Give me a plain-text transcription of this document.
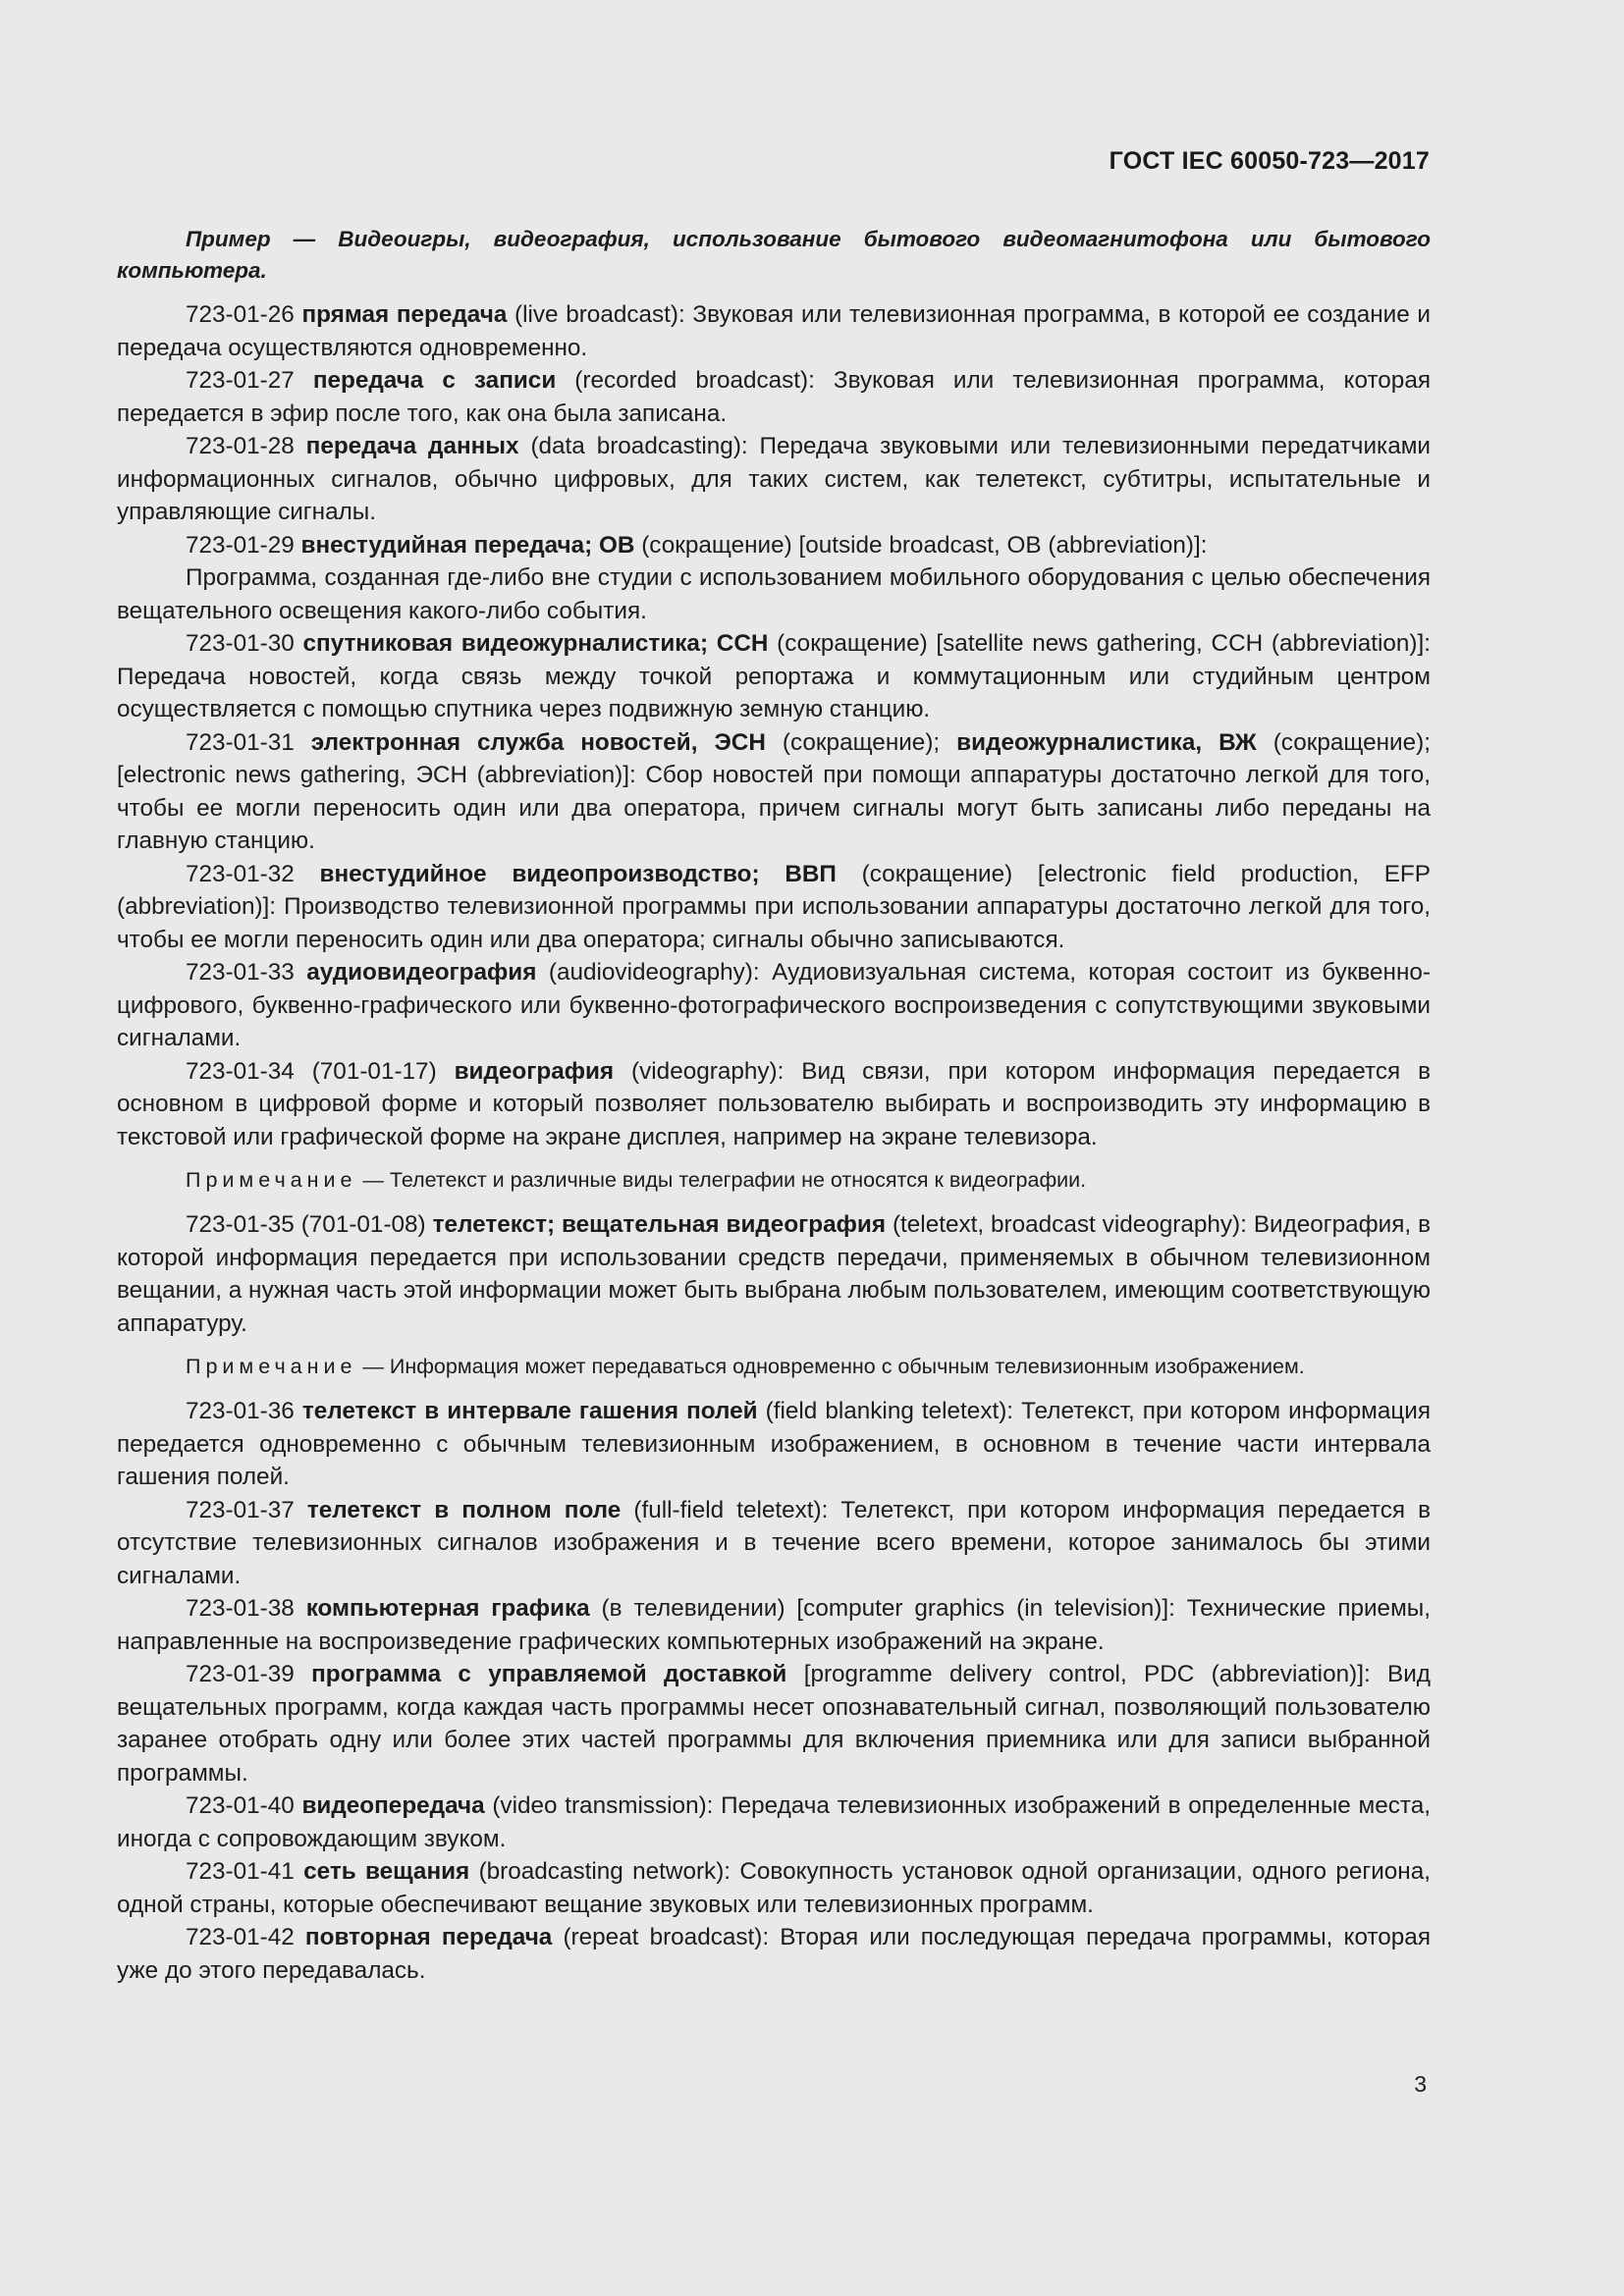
ГОСТ IEC 60050-723—2017

Пример — Видеоигры, видеография, использование бытового видеомагнитофона или бытового компьютера.

723-01-26 прямая передача (live broadcast): Звуковая или телевизионная программа, в которой ее создание и передача осуществляются одновременно.

723-01-27 передача с записи (recorded broadcast): Звуковая или телевизионная программа, которая передается в эфир после того, как она была записана.

723-01-28 передача данных (data broadcasting): Передача звуковыми или телевизионными передатчиками информационных сигналов, обычно цифровых, для таких систем, как телетекст, субтитры, испытательные и управляющие сигналы.

723-01-29 внестудийная передача; ОВ (сокращение) [outside broadcast, OB (abbreviation)]:

Программа, созданная где-либо вне студии с использованием мобильного оборудования с целью обеспечения вещательного освещения какого-либо события.

723-01-30 спутниковая видеожурналистика; ССН (сокращение) [satellite news gathering, CCH (abbreviation)]: Передача новостей, когда связь между точкой репортажа и коммутационным или студийным центром осуществляется с помощью спутника через подвижную земную станцию.

723-01-31 электронная служба новостей, ЭСН (сокращение); видеожурналистика, ВЖ (сокращение); [electronic news gathering, ЭСН (abbreviation)]: Сбор новостей при помощи аппаратуры достаточно легкой для того, чтобы ее могли переносить один или два оператора, причем сигналы могут быть записаны либо переданы на главную станцию.

723-01-32 внестудийное видеопроизводство; ВВП (сокращение) [electronic field production, EFP (abbreviation)]: Производство телевизионной программы при использовании аппаратуры достаточно легкой для того, чтобы ее могли переносить один или два оператора; сигналы обычно записываются.

723-01-33 аудиовидеография (audiovideography): Аудиовизуальная система, которая состоит из буквенно-цифрового, буквенно-графического или буквенно-фотографического воспроизведения с сопутствующими звуковыми сигналами.

723-01-34 (701-01-17) видеография (videography): Вид связи, при котором информация передается в основном в цифровой форме и который позволяет пользователю выбирать и воспроизводить эту информацию в текстовой или графической форме на экране дисплея, например на экране телевизора.

Примечание — Телетекст и различные виды телеграфии не относятся к видеографии.

723-01-35 (701-01-08) телетекст; вещательная видеография (teletext, broadcast videography): Видеография, в которой информация передается при использовании средств передачи, применяемых в обычном телевизионном вещании, а нужная часть этой информации может быть выбрана любым пользователем, имеющим соответствующую аппаратуру.

Примечание — Информация может передаваться одновременно с обычным телевизионным изображением.

723-01-36 телетекст в интервале гашения полей (field blanking teletext): Телетекст, при котором информация передается одновременно с обычным телевизионным изображением, в основном в течение части интервала гашения полей.

723-01-37 телетекст в полном поле (full-field teletext): Телетекст, при котором информация передается в отсутствие телевизионных сигналов изображения и в течение всего времени, которое занималось бы этими сигналами.

723-01-38 компьютерная графика (в телевидении) [computer graphics (in television)]: Технические приемы, направленные на воспроизведение графических компьютерных изображений на экране.

723-01-39 программа с управляемой доставкой [programme delivery control, PDC (abbreviation)]: Вид вещательных программ, когда каждая часть программы несет опознавательный сигнал, позволяющий пользователю заранее отобрать одну или более этих частей программы для включения приемника или для записи выбранной программы.

723-01-40 видеопередача (video transmission): Передача телевизионных изображений в определенные места, иногда с сопровождающим звуком.

723-01-41 сеть вещания (broadcasting network): Совокупность установок одной организации, одного региона, одной страны, которые обеспечивают вещание звуковых или телевизионных программ.

723-01-42 повторная передача (repeat broadcast): Вторая или последующая передача программы, которая уже до этого передавалась.

3
